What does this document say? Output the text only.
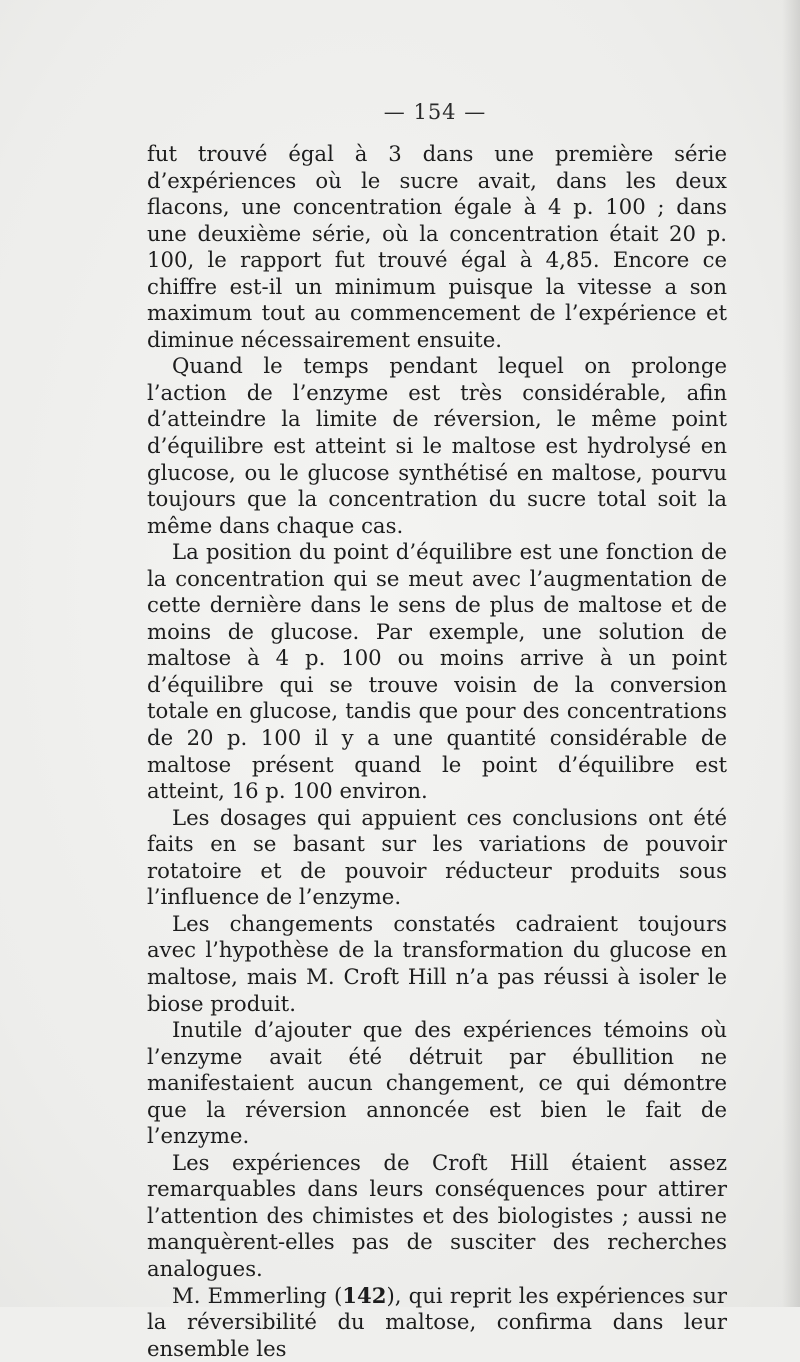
— 154 —

fut trouvé égal à 3 dans une première série d’expériences où le sucre avait, dans les deux flacons, une concentration égale à 4 p. 100 ; dans une deuxième série, où la concentration était 20 p. 100, le rapport fut trouvé égal à 4,85. Encore ce chiffre est-il un minimum puisque la vitesse a son maximum tout au commencement de l’expérience et diminue nécessairement ensuite.

Quand le temps pendant lequel on prolonge l’action de l’enzyme est très considérable, afin d’atteindre la limite de réversion, le même point d’équilibre est atteint si le maltose est hydrolysé en glucose, ou le glucose synthétisé en maltose, pourvu toujours que la concentration du sucre total soit la même dans chaque cas.

La position du point d’équilibre est une fonction de la concentration qui se meut avec l’augmentation de cette dernière dans le sens de plus de maltose et de moins de glucose. Par exemple, une solution de maltose à 4 p. 100 ou moins arrive à un point d’équilibre qui se trouve voisin de la conversion totale en glucose, tandis que pour des concentrations de 20 p. 100 il y a une quantité considérable de maltose présent quand le point d’équilibre est atteint, 16 p. 100 environ.

Les dosages qui appuient ces conclusions ont été faits en se basant sur les variations de pouvoir rotatoire et de pouvoir réducteur produits sous l’influence de l’enzyme.

Les changements constatés cadraient toujours avec l’hypothèse de la transformation du glucose en maltose, mais M. Croft Hill n’a pas réussi à isoler le biose produit.

Inutile d’ajouter que des expériences témoins où l’enzyme avait été détruit par ébullition ne manifestaient aucun changement, ce qui démontre que la réversion annoncée est bien le fait de l’enzyme.

Les expériences de Croft Hill étaient assez remarquables dans leurs conséquences pour attirer l’attention des chimistes et des biologistes ; aussi ne manquèrent-elles pas de susciter des recherches analogues.

M. Emmerling (142), qui reprit les expériences sur la réversibilité du maltose, confirma dans leur ensemble les
